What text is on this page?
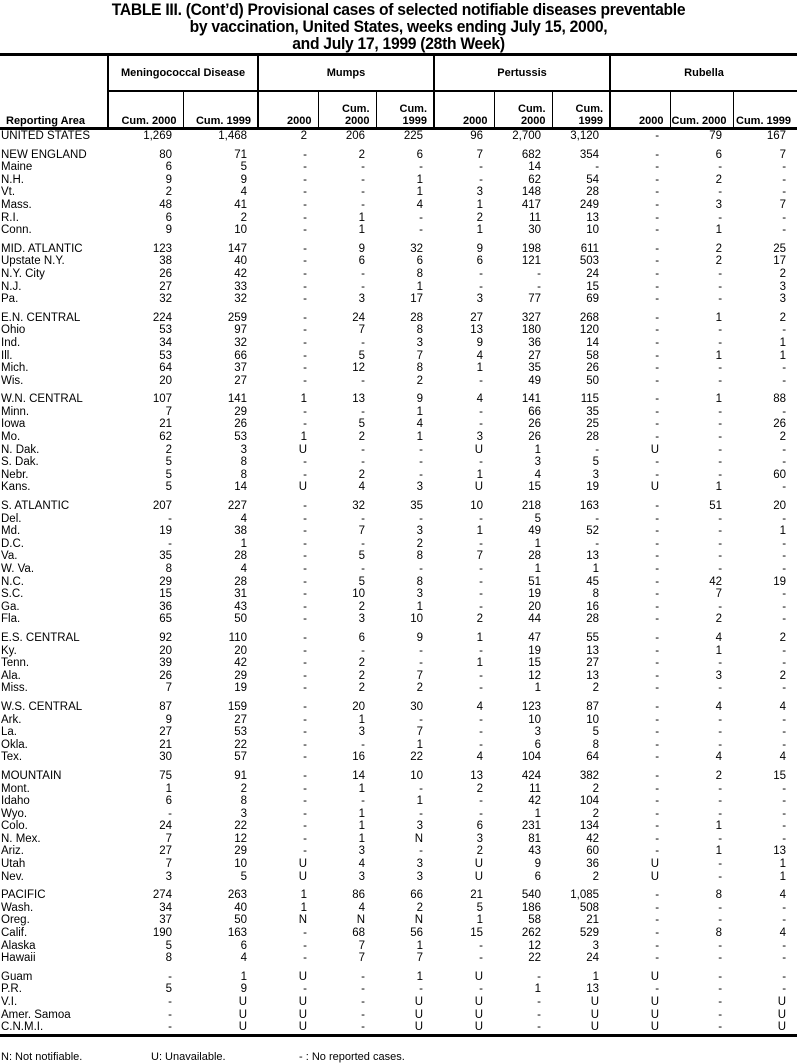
TABLE III. (Cont’d) Provisional cases of selected notifiable diseases preventable
by vaccination, United States, weeks ending July 15, 2000,
and July 17, 1999 (28th Week)
Reporting Area	Meningococcal Disease		Mumps			Pertussis			Rubella		
	Cum. 2000	Cum. 1999	2000	Cum. 2000	Cum. 1999	2000	Cum. 2000	Cum. 1999	2000	Cum. 2000	Cum. 1999
UNITED STATES	1,269	1,468	2	206	225	96	2,700	3,120	-	79	167
NEW ENGLAND	80	71	-	2	6	7	682	354	-	6	7
Maine	6	5	-	-	-	-	14	-	-	-	-
N.H.	9	9	-	-	1	-	62	54	-	2	-
Vt.	2	4	-	-	1	3	148	28	-	-	-
Mass.	48	41	-	-	4	1	417	249	-	3	7
R.I.	6	2	-	1	-	2	11	13	-	-	-
Conn.	9	10	-	1	-	1	30	10	-	1	-
MID. ATLANTIC	123	147	-	9	32	9	198	611	-	2	25
Upstate N.Y.	38	40	-	6	6	6	121	503	-	2	17
N.Y. City	26	42	-	-	8	-	-	24	-	-	2
N.J.	27	33	-	-	1	-	-	15	-	-	3
Pa.	32	32	-	3	17	3	77	69	-	-	3
E.N. CENTRAL	224	259	-	24	28	27	327	268	-	1	2
Ohio	53	97	-	7	8	13	180	120	-	-	-
Ind.	34	32	-	-	3	9	36	14	-	-	1
Ill.	53	66	-	5	7	4	27	58	-	1	1
Mich.	64	37	-	12	8	1	35	26	-	-	-
Wis.	20	27	-	-	2	-	49	50	-	-	-
W.N. CENTRAL	107	141	1	13	9	4	141	115	-	1	88
Minn.	7	29	-	-	1	-	66	35	-	-	-
Iowa	21	26	-	5	4	-	26	25	-	-	26
Mo.	62	53	1	2	1	3	26	28	-	-	2
N. Dak.	2	3	U	-	-	U	1	-	U	-	-
S. Dak.	5	8	-	-	-	-	3	5	-	-	-
Nebr.	5	8	-	2	-	1	4	3	-	-	60
Kans.	5	14	U	4	3	U	15	19	U	1	-
S. ATLANTIC	207	227	-	32	35	10	218	163	-	51	20
Del.	-	4	-	-	-	-	5	-	-	-	-
Md.	19	38	-	7	3	1	49	52	-	-	1
D.C.	-	1	-	-	2	-	1	-	-	-	-
Va.	35	28	-	5	8	7	28	13	-	-	-
W. Va.	8	4	-	-	-	-	1	1	-	-	-
N.C.	29	28	-	5	8	-	51	45	-	42	19
S.C.	15	31	-	10	3	-	19	8	-	7	-
Ga.	36	43	-	2	1	-	20	16	-	-	-
Fla.	65	50	-	3	10	2	44	28	-	2	-
E.S. CENTRAL	92	110	-	6	9	1	47	55	-	4	2
Ky.	20	20	-	-	-	-	19	13	-	1	-
Tenn.	39	42	-	2	-	1	15	27	-	-	-
Ala.	26	29	-	2	7	-	12	13	-	3	2
Miss.	7	19	-	2	2	-	1	2	-	-	-
W.S. CENTRAL	87	159	-	20	30	4	123	87	-	4	4
Ark.	9	27	-	1	-	-	10	10	-	-	-
La.	27	53	-	3	7	-	3	5	-	-	-
Okla.	21	22	-	-	1	-	6	8	-	-	-
Tex.	30	57	-	16	22	4	104	64	-	4	4
MOUNTAIN	75	91	-	14	10	13	424	382	-	2	15
Mont.	1	2	-	1	-	2	11	2	-	-	-
Idaho	6	8	-	-	1	-	42	104	-	-	-
Wyo.	-	3	-	1	-	-	1	2	-	-	-
Colo.	24	22	-	1	3	6	231	134	-	1	-
N. Mex.	7	12	-	1	N	3	81	42	-	-	-
Ariz.	27	29	-	3	-	2	43	60	-	1	13
Utah	7	10	U	4	3	U	9	36	U	-	1
Nev.	3	5	U	3	3	U	6	2	U	-	1
PACIFIC	274	263	1	86	66	21	540	1,085	-	8	4
Wash.	34	40	1	4	2	5	186	508	-	-	-
Oreg.	37	50	N	N	N	1	58	21	-	-	-
Calif.	190	163	-	68	56	15	262	529	-	8	4
Alaska	5	6	-	7	1	-	12	3	-	-	-
Hawaii	8	4	-	7	7	-	22	24	-	-	-
Guam	-	1	U	-	1	U	-	1	U	-	-
P.R.	5	9	-	-	-	-	1	13	-	-	-
V.I.	-	U	U	-	U	U	-	U	U	-	U
Amer. Samoa	-	U	U	-	U	U	-	U	U	-	U
C.N.M.I.	-	U	U	-	U	U	-	U	U	-	U
N: Not notifiable.	U: Unavailable.	- : No reported cases.
